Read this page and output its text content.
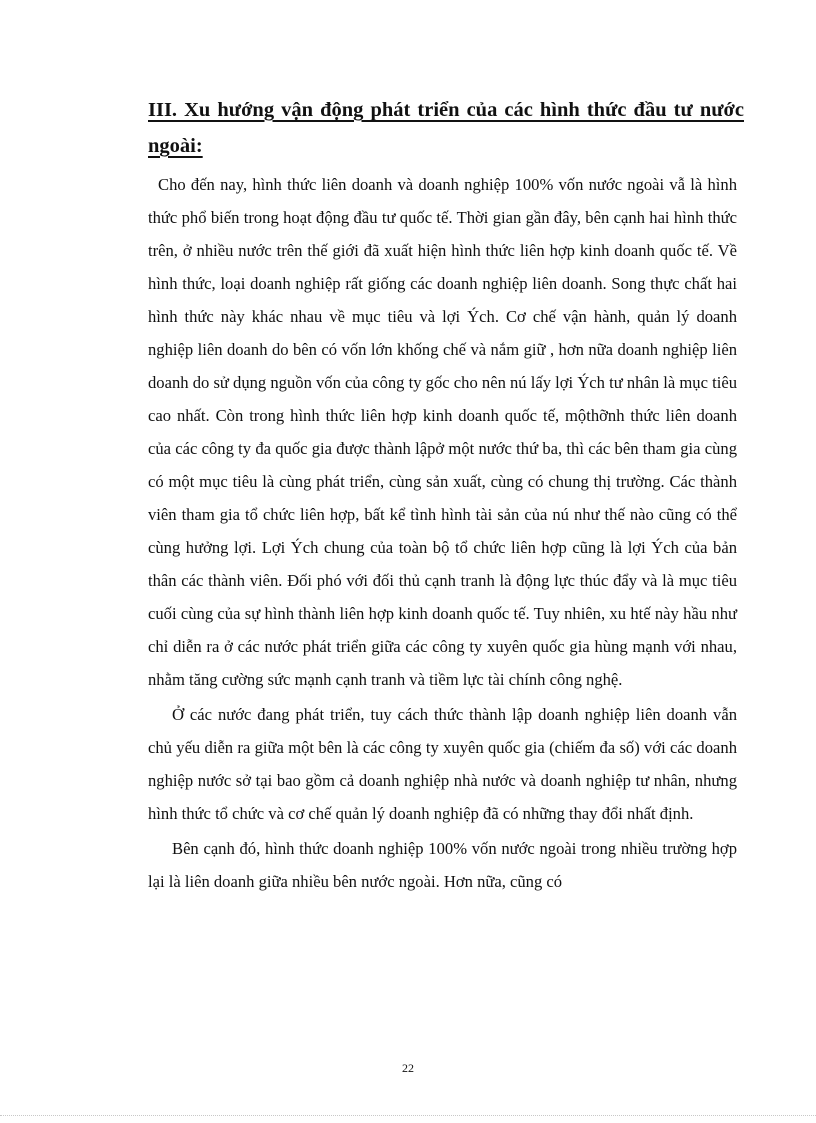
III. Xu hướng vận động phát triển của các hình thức đầu tư nước ngoài:

Cho đến nay, hình thức liên doanh và doanh nghiệp 100% vốn nước ngoài vẫ là hình thức phổ biến trong hoạt động đầu tư quốc tế. Thời gian gần đây, bên cạnh hai hình thức trên, ở nhiều nước trên thế giới đã xuất hiện hình thức liên hợp kinh doanh quốc tế. Về hình thức, loại doanh nghiệp rất giống các doanh nghiệp liên doanh. Song thực chất hai hình thức này khác nhau về mục tiêu và lợi Ých. Cơ chế vận hành, quản lý doanh nghiệp liên doanh do bên có vốn lớn khống chế và nắm giữ , hơn nữa doanh nghiệp liên doanh do sử dụng nguồn vốn của công ty gốc cho nên nú lấy lợi Ých tư nhân là mục tiêu cao nhất. Còn trong hình thức liên hợp kinh doanh quốc tế, mộthỡnh thức liên doanh của các công ty đa quốc gia được thành lậpở một nước thứ ba, thì các bên tham gia cùng có một mục tiêu là cùng phát triển, cùng sản xuất, cùng có chung thị trường. Các thành viên tham gia tổ chức liên hợp, bất kể tình hình tài sản của nú như thế nào cũng có thể cùng hưởng lợi. Lợi Ých chung của toàn bộ tổ chức liên hợp cũng là lợi Ých của bản thân các thành viên. Đối phó với đối thủ cạnh tranh là động lực thúc đẩy và là mục tiêu cuối cùng của sự hình thành liên hợp kinh doanh quốc tế. Tuy nhiên, xu htế này hầu như chỉ diễn ra ở các nước phát triển giữa các công ty xuyên quốc gia hùng mạnh với nhau, nhằm tăng cường sức mạnh cạnh tranh và tiềm lực tài chính công nghệ.

Ở các nước đang phát triển, tuy cách thức thành lập doanh nghiệp liên doanh vẫn chủ yếu diễn ra giữa một bên là các công ty xuyên quốc gia (chiếm đa số) với các doanh nghiệp nước sở tại bao gồm cả doanh nghiệp nhà nước và doanh nghiệp tư nhân, nhưng hình thức tổ chức và cơ chế quản lý doanh nghiệp đã có những thay đổi nhất định.

Bên cạnh đó, hình thức doanh nghiệp 100% vốn nước ngoài trong nhiều trường hợp lại là liên doanh giữa nhiều bên nước ngoài. Hơn nữa, cũng có

22
